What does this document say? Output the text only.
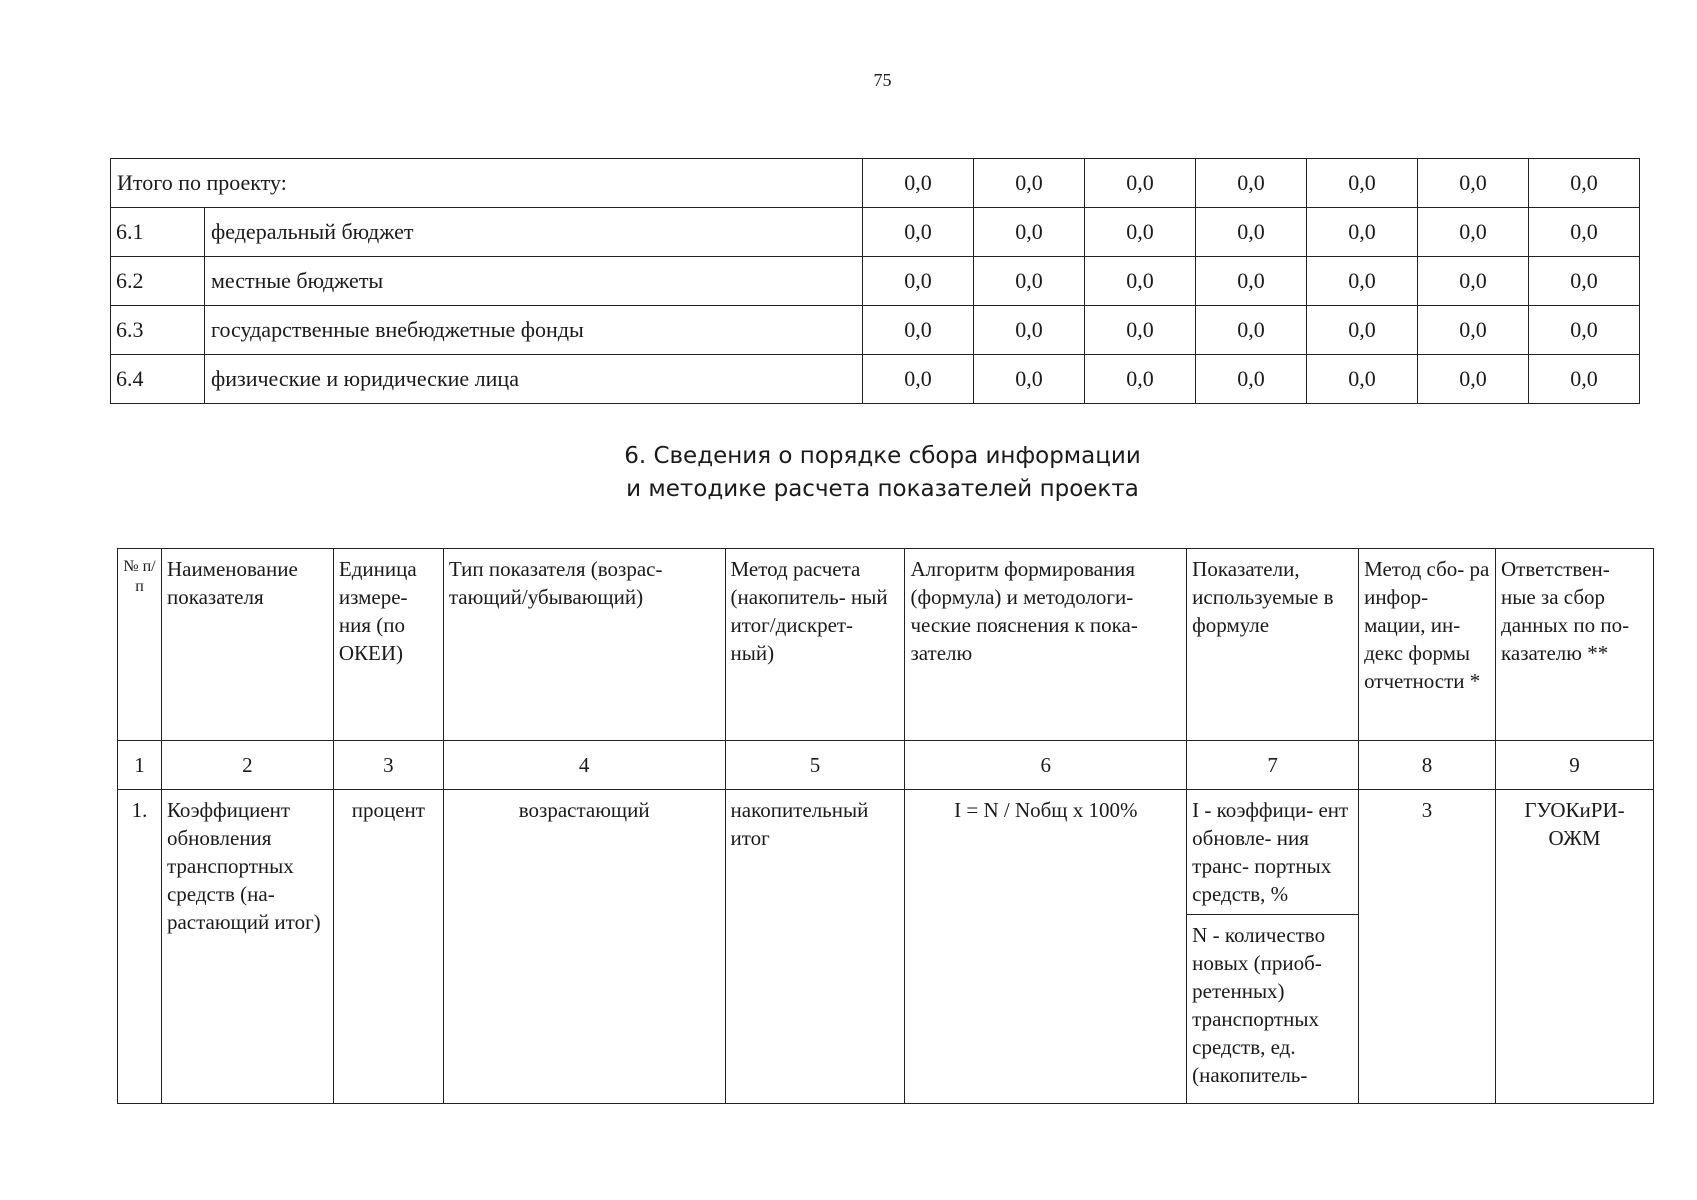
75
Итого по проекту:		0,0	0,0	0,0	0,0	0,0	0,0	0,0
6.1	федеральный бюджет	0,0	0,0	0,0	0,0	0,0	0,0	0,0
6.2	местные бюджеты	0,0	0,0	0,0	0,0	0,0	0,0	0,0
6.3	государственные внебюджетные фонды	0,0	0,0	0,0	0,0	0,0	0,0	0,0
6.4	физические и юридические лица	0,0	0,0	0,0	0,0	0,0	0,0	0,0
6. Сведения о порядке сбора информации
и методике расчета показателей проекта
№ п/п	Наименование показателя	Единица измере- ния (по ОКЕИ)	Тип показателя (возрас- тающий/убывающий)	Метод расчета (накопитель- ный итог/дискрет- ный)	Алгоритм формирования (формула) и методологи- ческие пояснения к пока- зателю	Показатели, используемые в формуле	Метод сбо- ра инфор- мации, ин- декс формы отчетности *	Ответствен- ные за сбор данных по по- казателю **
1	2	3	4	5	6	7	8	9
1.	Коэффициент обновления транспортных средств (на- растающий итог)	процент	возрастающий	накопительный итог	I = N / Nобщ x 100%	I - коэффици- ент обновле- ния транс- портных средств, %	3	ГУОКиРИ- ОЖМ
						N - количество новых (приоб- ретенных) транспортных средств, ед. (накопитель-		
